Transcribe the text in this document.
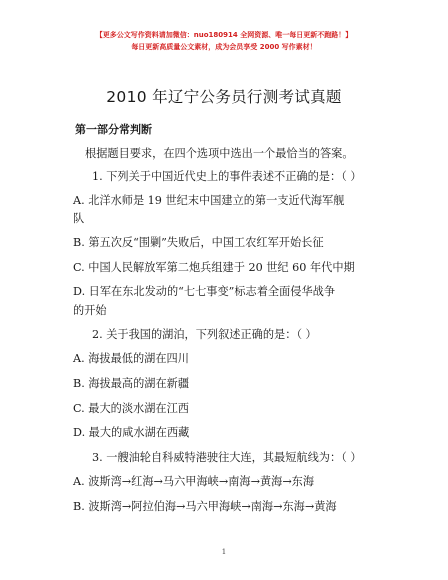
【更多公文写作资料请加微信：nuo180914 全网资源、唯一每日更新不跑路！】
每日更新高质量公文素材，成为会员享受 2000 写作素材！
2010 年辽宁公务员行测考试真题
第一部分常判断
根据题目要求，在四个选项中选出一个最恰当的答案。
1. 下列关于中国近代史上的事件表述不正确的是：（ ）
A. 北洋水师是 19 世纪末中国建立的第一支近代海军舰
队
B. 第五次反“围剿”失败后，中国工农红军开始长征
C. 中国人民解放军第二炮兵组建于 20 世纪 60 年代中期
D. 日军在东北发动的“七七事变”标志着全面侵华战争
的开始
2. 关于我国的湖泊，下列叙述正确的是：（ ）
A. 海拔最低的湖在四川
B. 海拔最高的湖在新疆
C. 最大的淡水湖在江西
D. 最大的咸水湖在西藏
3. 一艘油轮自科威特港驶往大连，其最短航线为：（ ）
A. 波斯湾→红海→马六甲海峡→南海→黄海→东海
B. 波斯湾→阿拉伯海→马六甲海峡→南海→东海→黄海
1
